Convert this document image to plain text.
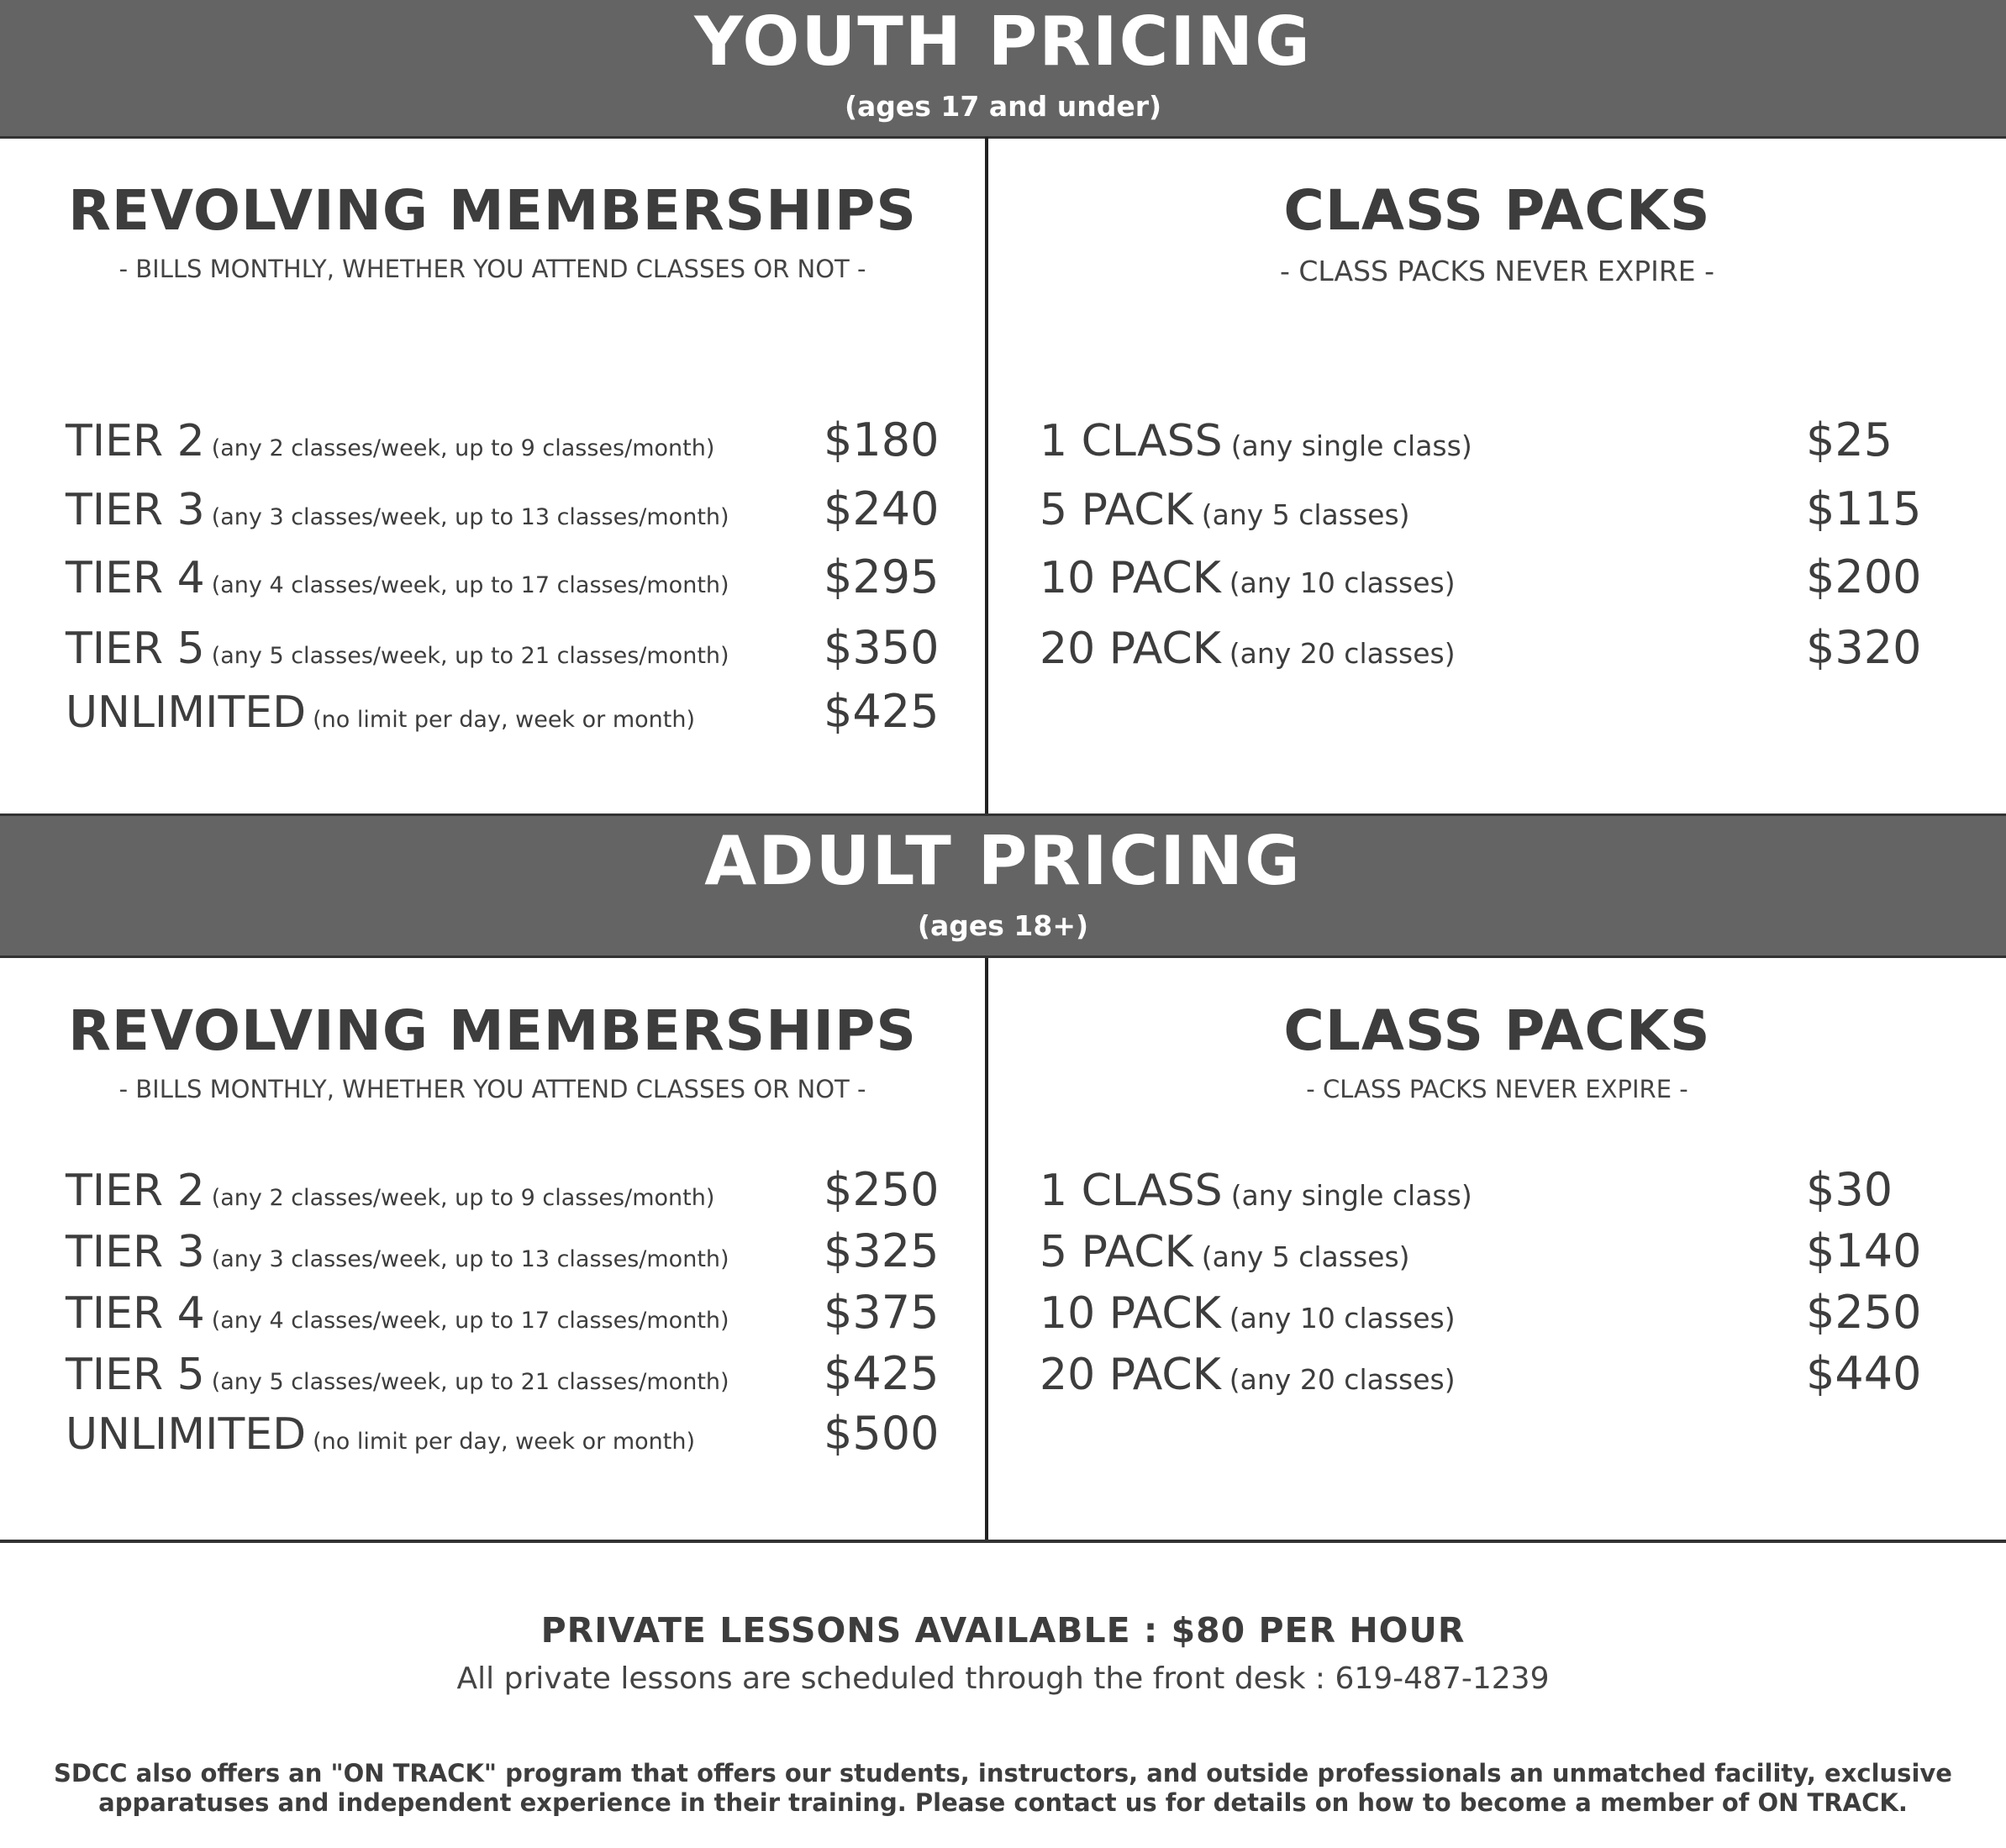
YOUTH PRICING
(ages 17 and under)
REVOLVING MEMBERSHIPS
- BILLS MONTHLY, WHETHER YOU ATTEND CLASSES OR NOT -
TIER 2 (any 2 classes/week, up to 9 classes/month) $180
TIER 3 (any 3 classes/week, up to 13 classes/month) $240
TIER 4 (any 4 classes/week, up to 17 classes/month) $295
TIER 5 (any 5 classes/week, up to 21 classes/month) $350
UNLIMITED (no limit per day, week or month)	$425
CLASS PACKS
- CLASS PACKS NEVER EXPIRE -
1 CLASS (any single class)	$25
5 PACK (any 5 classes)	$115
10 PACK (any 10 classes)	$200
20 PACK (any 20 classes)	$320
ADULT PRICING
(ages 18+)
REVOLVING MEMBERSHIPS
- BILLS MONTHLY, WHETHER YOU ATTEND CLASSES OR NOT -
TIER 2 (any 2 classes/week, up to 9 classes/month) $250
TIER 3 (any 3 classes/week, up to 13 classes/month) $325
TIER 4 (any 4 classes/week, up to 17 classes/month) $375
TIER 5 (any 5 classes/week, up to 21 classes/month) $425
UNLIMITED (no limit per day, week or month)	$500
CLASS PACKS
- CLASS PACKS NEVER EXPIRE -
1 CLASS (any single class)	$30
5 PACK (any 5 classes)	$140
10 PACK (any 10 classes)	$250
20 PACK (any 20 classes)	$440
PRIVATE LESSONS AVAILABLE : $80 PER HOUR
All private lessons are scheduled through the front desk : 619-487-1239
SDCC also offers an "ON TRACK" program that offers our students, instructors, and outside professionals an unmatched facility, exclusive
apparatuses and independent experience in their training. Please contact us for details on how to become a member of ON TRACK.
